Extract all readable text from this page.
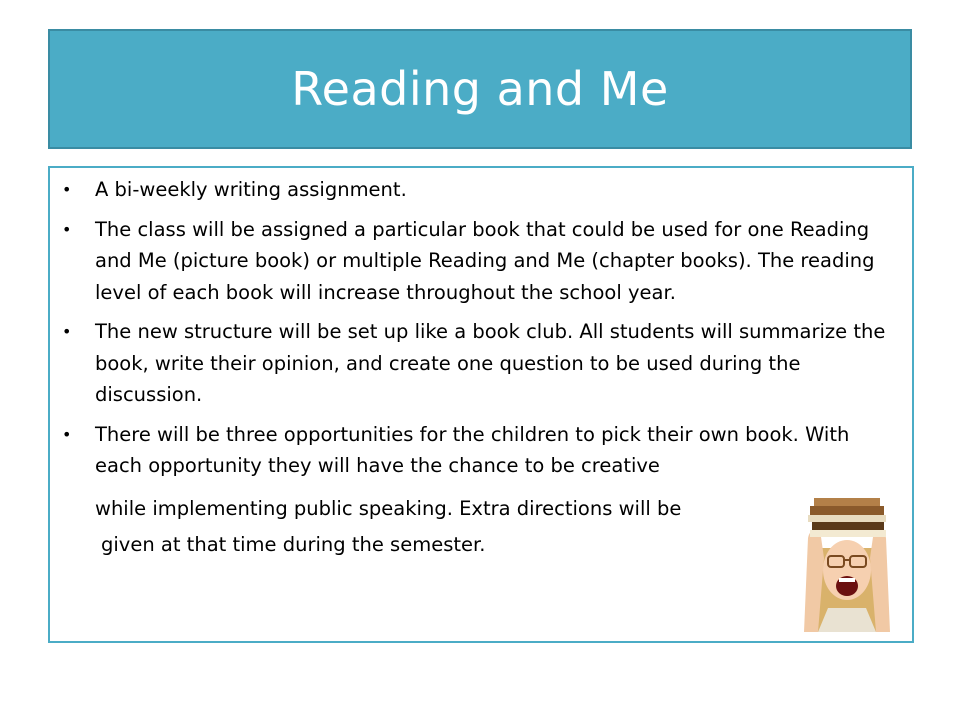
Reading and Me
• A bi-weekly writing assignment.
• The class will be assigned a particular book that could be used for one Reading and Me (picture book) or multiple Reading and Me (chapter books). The reading level of each book will increase throughout the school year.
• The new structure will be set up like a book club. All students will summarize the book, write their opinion, and create one question to be used during the discussion.
• There will be three opportunities for the children to pick their own book. With each opportunity they will have the chance to be creative
while implementing public speaking. Extra directions will be
given at that time during the semester.
